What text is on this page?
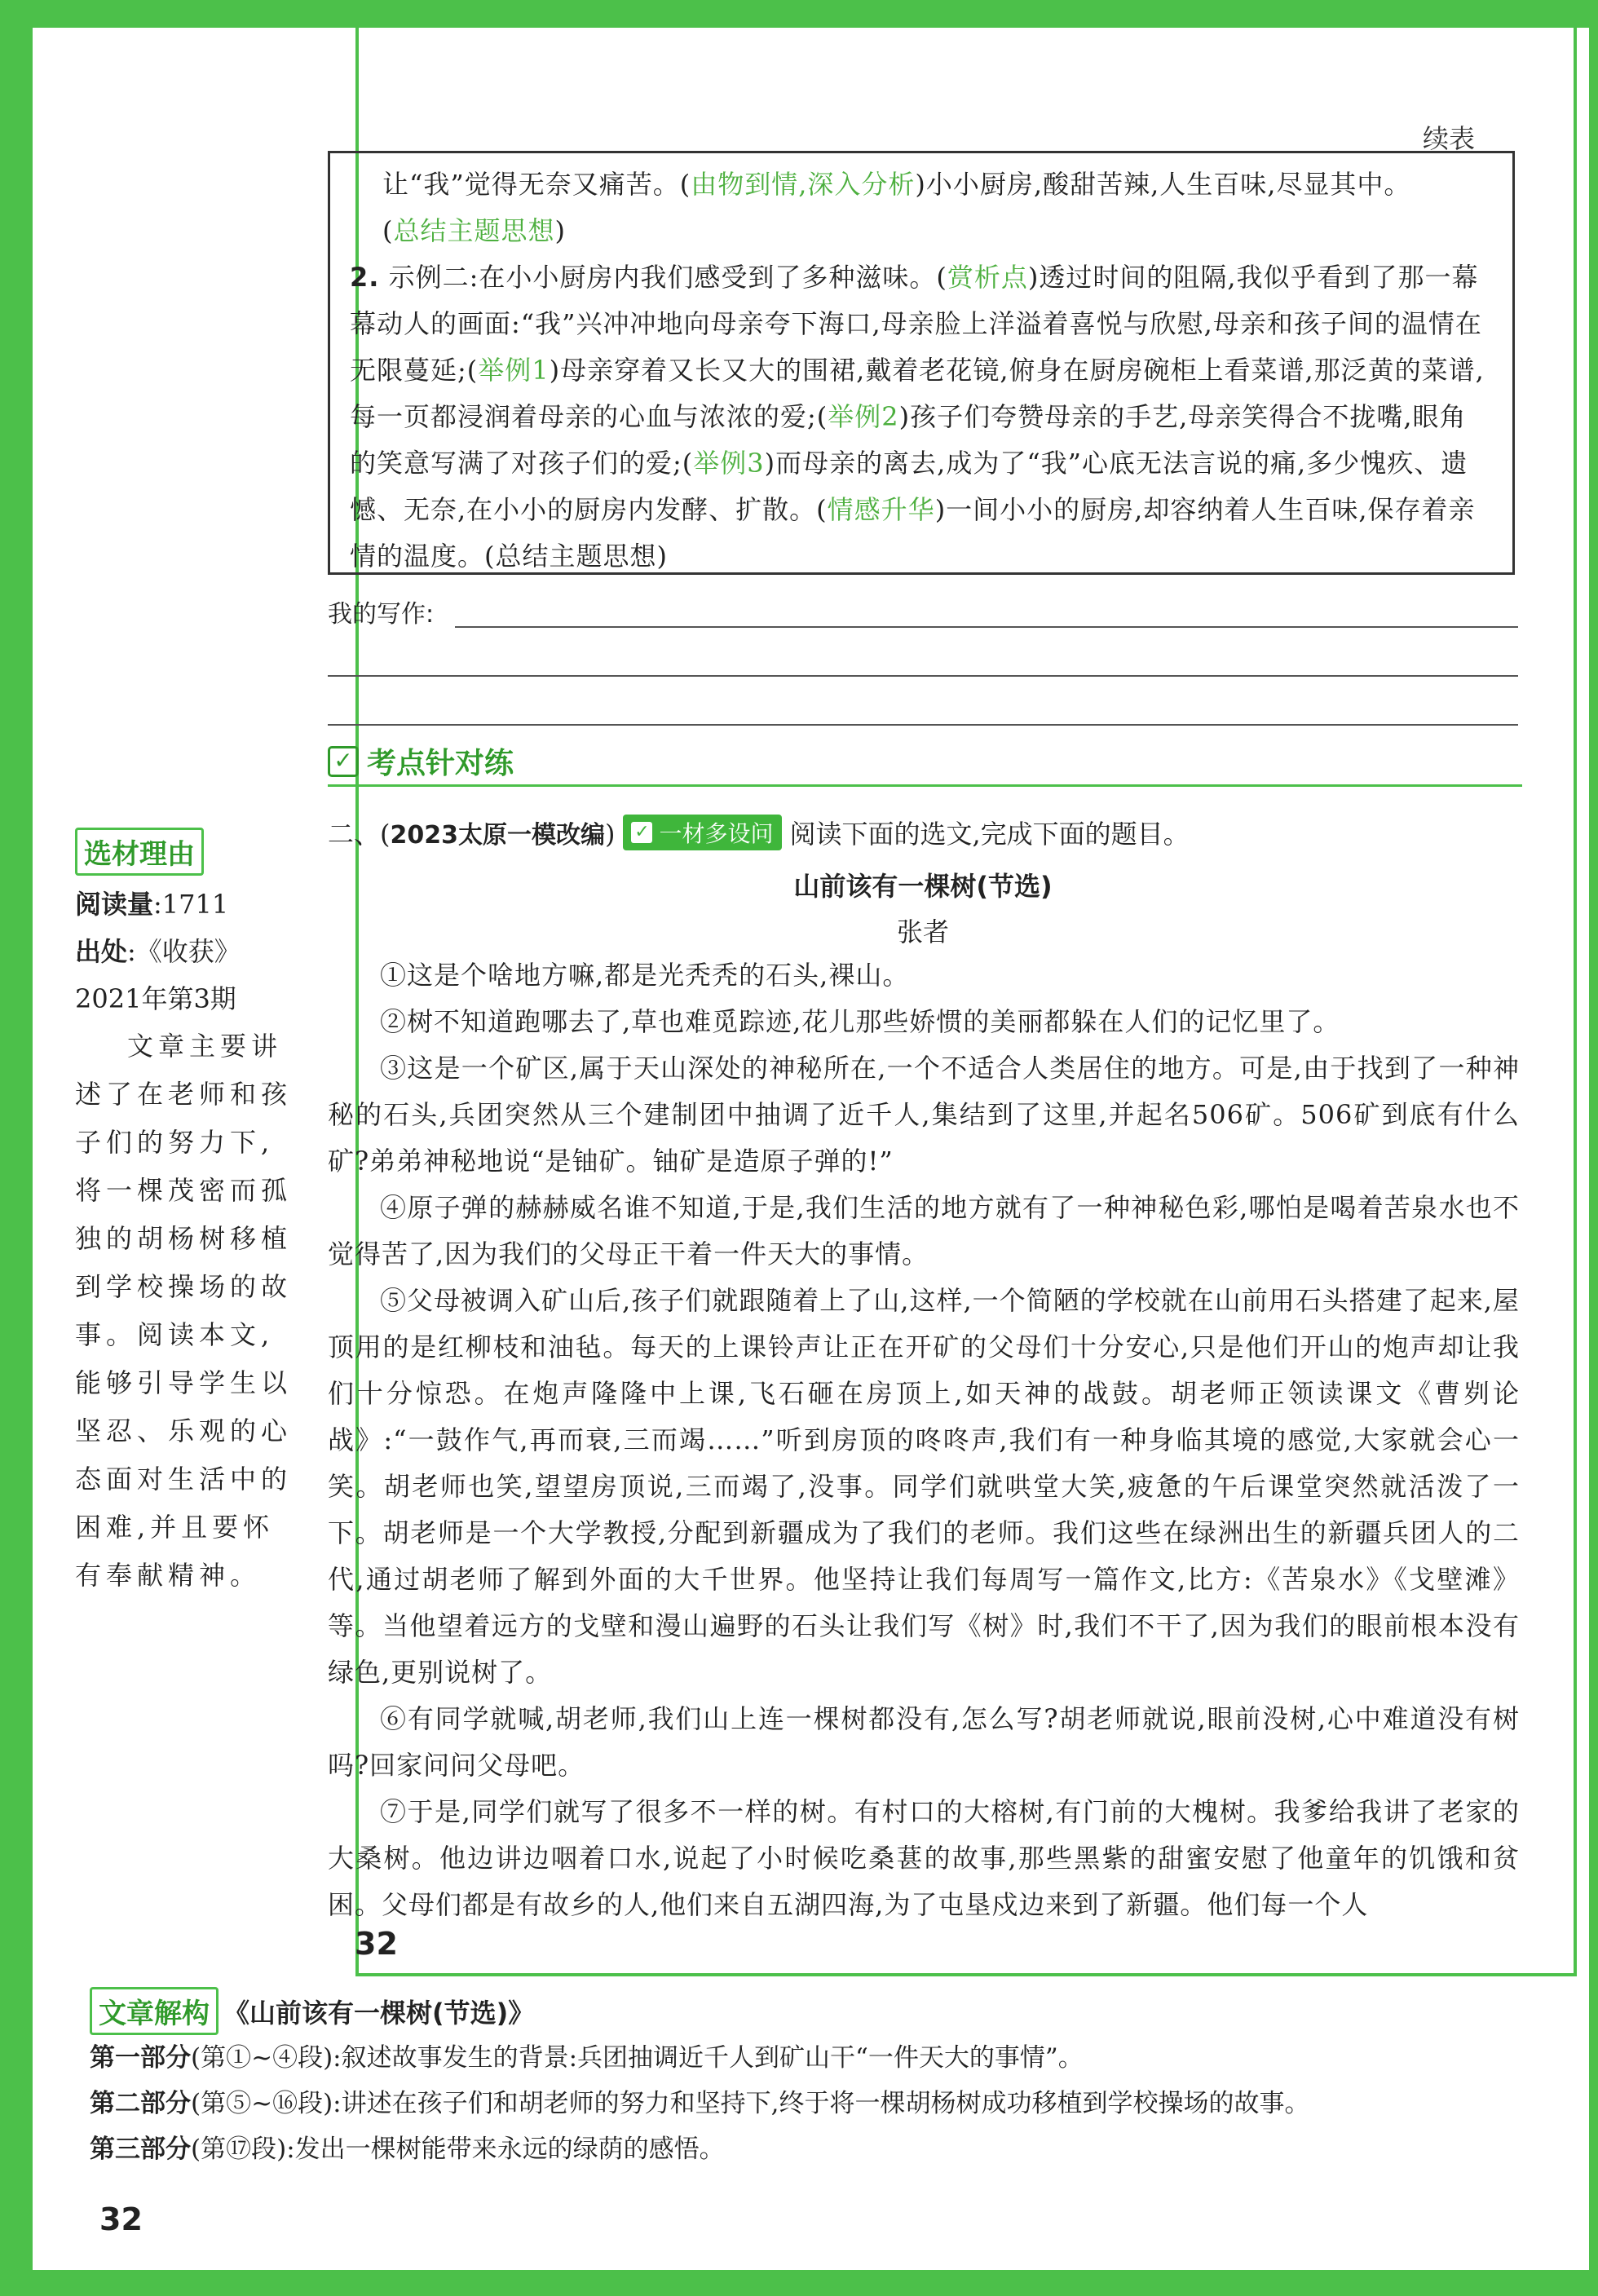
续表

让“我”觉得无奈又痛苦。(由物到情,深入分析)小小厨房,酸甜苦辣,人生百味,尽显其中。

(总结主题思想)

2. 示例二:在小小厨房内我们感受到了多种滋味。(赏析点)透过时间的阻隔,我似乎看到了那一幕幕动人的画面:“我”兴冲冲地向母亲夸下海口,母亲脸上洋溢着喜悦与欣慰,母亲和孩子间的温情在无限蔓延;(举例1)母亲穿着又长又大的围裙,戴着老花镜,俯身在厨房碗柜上看菜谱,那泛黄的菜谱,每一页都浸润着母亲的心血与浓浓的爱;(举例2)孩子们夸赞母亲的手艺,母亲笑得合不拢嘴,眼角的笑意写满了对孩子们的爱;(举例3)而母亲的离去,成为了“我”心底无法言说的痛,多少愧疚、遗憾、无奈,在小小的厨房内发酵、扩散。(情感升华)一间小小的厨房,却容纳着人生百味,保存着亲情的温度。(总结主题思想)

我的写作:
✓ 考点针对练
二、(2023太原一模改编) ✓ 一材多设问 阅读下面的选文,完成下面的题目。
山前该有一棵树(节选)
张者

①这是个啥地方嘛,都是光秃秃的石头,裸山。

②树不知道跑哪去了,草也难觅踪迹,花儿那些娇惯的美丽都躲在人们的记忆里了。

③这是一个矿区,属于天山深处的神秘所在,一个不适合人类居住的地方。可是,由于找到了一种神秘的石头,兵团突然从三个建制团中抽调了近千人,集结到了这里,并起名506矿。506矿到底有什么矿?弟弟神秘地说“是铀矿。铀矿是造原子弹的!”

④原子弹的赫赫威名谁不知道,于是,我们生活的地方就有了一种神秘色彩,哪怕是喝着苦泉水也不觉得苦了,因为我们的父母正干着一件天大的事情。

⑤父母被调入矿山后,孩子们就跟随着上了山,这样,一个简陋的学校就在山前用石头搭建了起来,屋顶用的是红柳枝和油毡。每天的上课铃声让正在开矿的父母们十分安心,只是他们开山的炮声却让我们十分惊恐。在炮声隆隆中上课,飞石砸在房顶上,如天神的战鼓。胡老师正领读课文《曹刿论战》:“一鼓作气,再而衰,三而竭……”听到房顶的咚咚声,我们有一种身临其境的感觉,大家就会心一笑。胡老师也笑,望望房顶说,三而竭了,没事。同学们就哄堂大笑,疲惫的午后课堂突然就活泼了一下。胡老师是一个大学教授,分配到新疆成为了我们的老师。我们这些在绿洲出生的新疆兵团人的二代,通过胡老师了解到外面的大千世界。他坚持让我们每周写一篇作文,比方:《苦泉水》《戈壁滩》等。当他望着远方的戈壁和漫山遍野的石头让我们写《树》时,我们不干了,因为我们的眼前根本没有绿色,更别说树了。

⑥有同学就喊,胡老师,我们山上连一棵树都没有,怎么写?胡老师就说,眼前没树,心中难道没有树吗?回家问问父母吧。

⑦于是,同学们就写了很多不一样的树。有村口的大榕树,有门前的大槐树。我爹给我讲了老家的大桑树。他边讲边咽着口水,说起了小时候吃桑葚的故事,那些黑紫的甜蜜安慰了他童年的饥饿和贫困。父母们都是有故乡的人,他们来自五湖四海,为了屯垦戍边来到了新疆。他们每一个人

选材理由
阅读量:1711
出处:《收获》2021年第3期

文章主要讲述了在老师和孩子们的努力下,将一棵茂密而孤独的胡杨树移植到学校操场的故事。阅读本文,能够引导学生以坚忍、乐观的心态面对生活中的困难,并且要怀有奉献精神。

32
文章解构 《山前该有一棵树(节选)》
第一部分(第①~④段):叙述故事发生的背景:兵团抽调近千人到矿山干“一件天大的事情”。
第二部分(第⑤~⑯段):讲述在孩子们和胡老师的努力和坚持下,终于将一棵胡杨树成功移植到学校操场的故事。
第三部分(第⑰段):发出一棵树能带来永远的绿荫的感悟。
32
